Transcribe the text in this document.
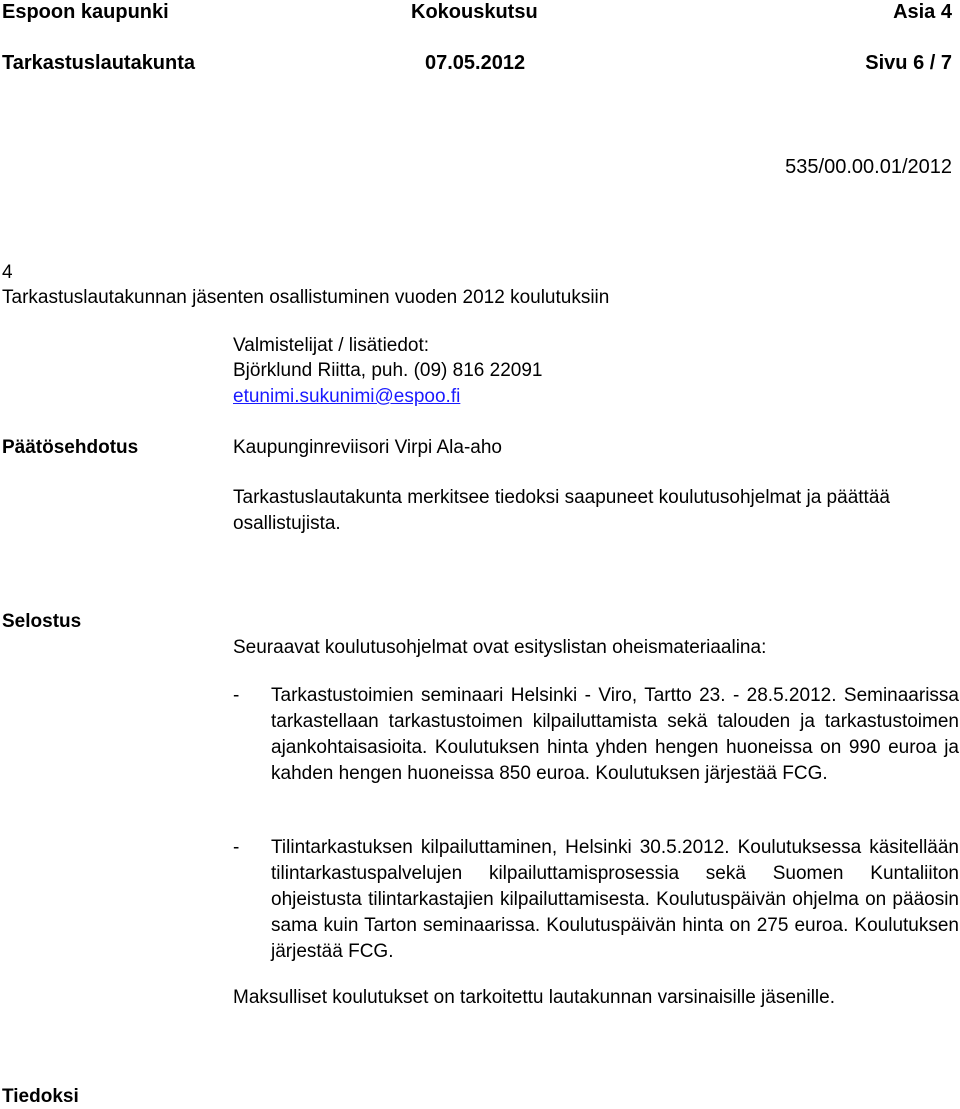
Espoon kaupunki	Kokouskutsu	Asia 4
Tarkastuslautakunta	07.05.2012	Sivu 6 / 7
535/00.00.01/2012
4
Tarkastuslautakunnan jäsenten osallistuminen vuoden 2012 koulutuksiin
Valmistelijat / lisätiedot:
Björklund Riitta, puh. (09) 816 22091
etunimi.sukunimi@espoo.fi
Päätösehdotus	Kaupunginreviisori Virpi Ala-aho
Tarkastuslautakunta merkitsee tiedoksi saapuneet koulutusohjelmat ja päättää osallistujista.
Selostus
Seuraavat koulutusohjelmat ovat esityslistan oheismateriaalina:
- Tarkastustoimien seminaari Helsinki - Viro, Tartto 23. - 28.5.2012. Seminaarissa tarkastellaan tarkastustoimen kilpailuttamista sekä talouden ja tarkastustoimen ajankohtaisasioita. Koulutuksen hinta yhden hengen huoneissa on 990 euroa ja kahden hengen huoneissa 850 euroa. Koulutuksen järjestää FCG.
- Tilintarkastuksen kilpailuttaminen, Helsinki 30.5.2012. Koulutuksessa käsitellään tilintarkastuspalvelujen kilpailuttamisprosessia sekä Suomen Kuntaliiton ohjeistusta tilintarkastajien kilpailuttamisesta. Koulutuspäivän ohjelma on pääosin sama kuin Tarton seminaarissa. Koulutuspäivän hinta on 275 euroa. Koulutuksen järjestää FCG.
Maksulliset koulutukset on tarkoitettu lautakunnan varsinaisille jäsenille.
Tiedoksi
